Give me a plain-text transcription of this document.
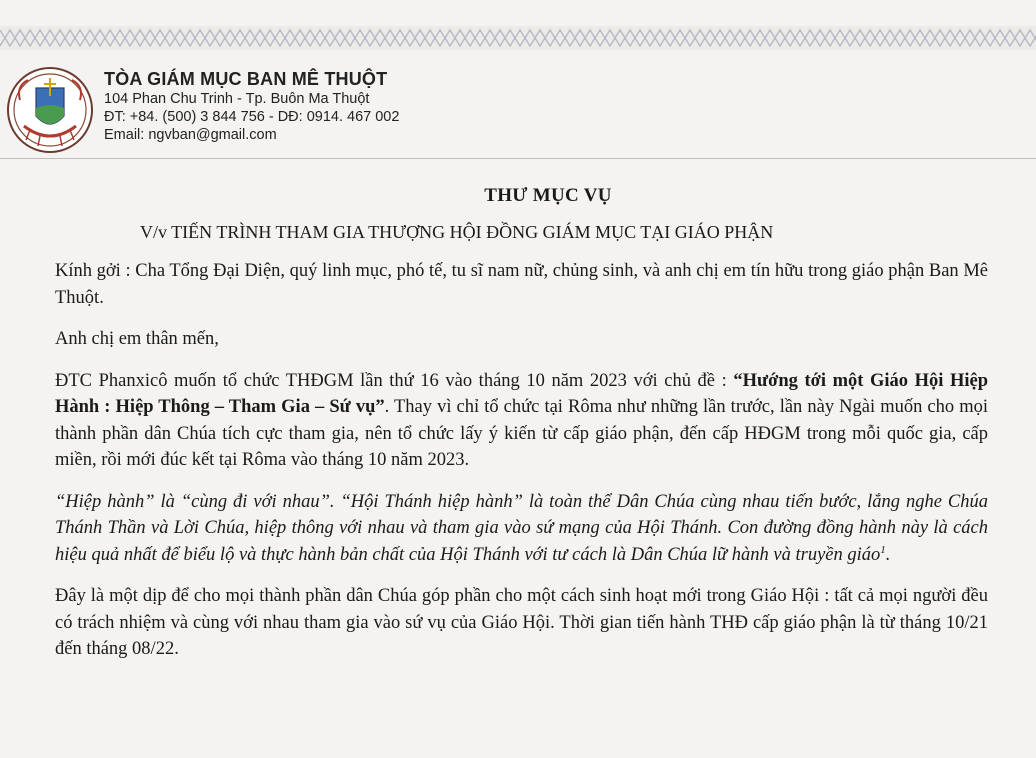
TÒA GIÁM MỤC BAN MÊ THUỘT
104 Phan Chu Trinh - Tp. Buôn Ma Thuột
ĐT: +84. (500) 3 844 756 - DĐ: 0914. 467 002
Email: ngvban@gmail.com
THƯ MỤC VỤ
V/v TIẾN TRÌNH THAM GIA THƯỢNG HỘI ĐỒNG GIÁM MỤC TẠI GIÁO PHẬN

Kính gởi : Cha Tổng Đại Diện, quý linh mục, phó tế, tu sĩ nam nữ, chủng sinh, và anh chị em tín hữu trong giáo phận Ban Mê Thuột.

Anh chị em thân mến,

ĐTC Phanxicô muốn tổ chức THĐGM lần thứ 16 vào tháng 10 năm 2023 với chủ đề : “Hướng tới một Giáo Hội Hiệp Hành : Hiệp Thông – Tham Gia – Sứ vụ”. Thay vì chỉ tổ chức tại Rôma như những lần trước, lần này Ngài muốn cho mọi thành phần dân Chúa tích cực tham gia, nên tổ chức lấy ý kiến từ cấp giáo phận, đến cấp HĐGM trong mỗi quốc gia, cấp miền, rồi mới đúc kết tại Rôma vào tháng 10 năm 2023.

“Hiệp hành” là “cùng đi với nhau”. “Hội Thánh hiệp hành” là toàn thể Dân Chúa cùng nhau tiến bước, lắng nghe Chúa Thánh Thần và Lời Chúa, hiệp thông với nhau và tham gia vào sứ mạng của Hội Thánh. Con đường đồng hành này là cách hiệu quả nhất để biểu lộ và thực hành bản chất của Hội Thánh với tư cách là Dân Chúa lữ hành và truyền giáo$^1$.

Đây là một dịp để cho mọi thành phần dân Chúa góp phần cho một cách sinh hoạt mới trong Giáo Hội : tất cả mọi người đều có trách nhiệm và cùng với nhau tham gia vào sứ vụ của Giáo Hội. Thời gian tiến hành THĐ cấp giáo phận là từ tháng 10/21 đến tháng 08/22.
